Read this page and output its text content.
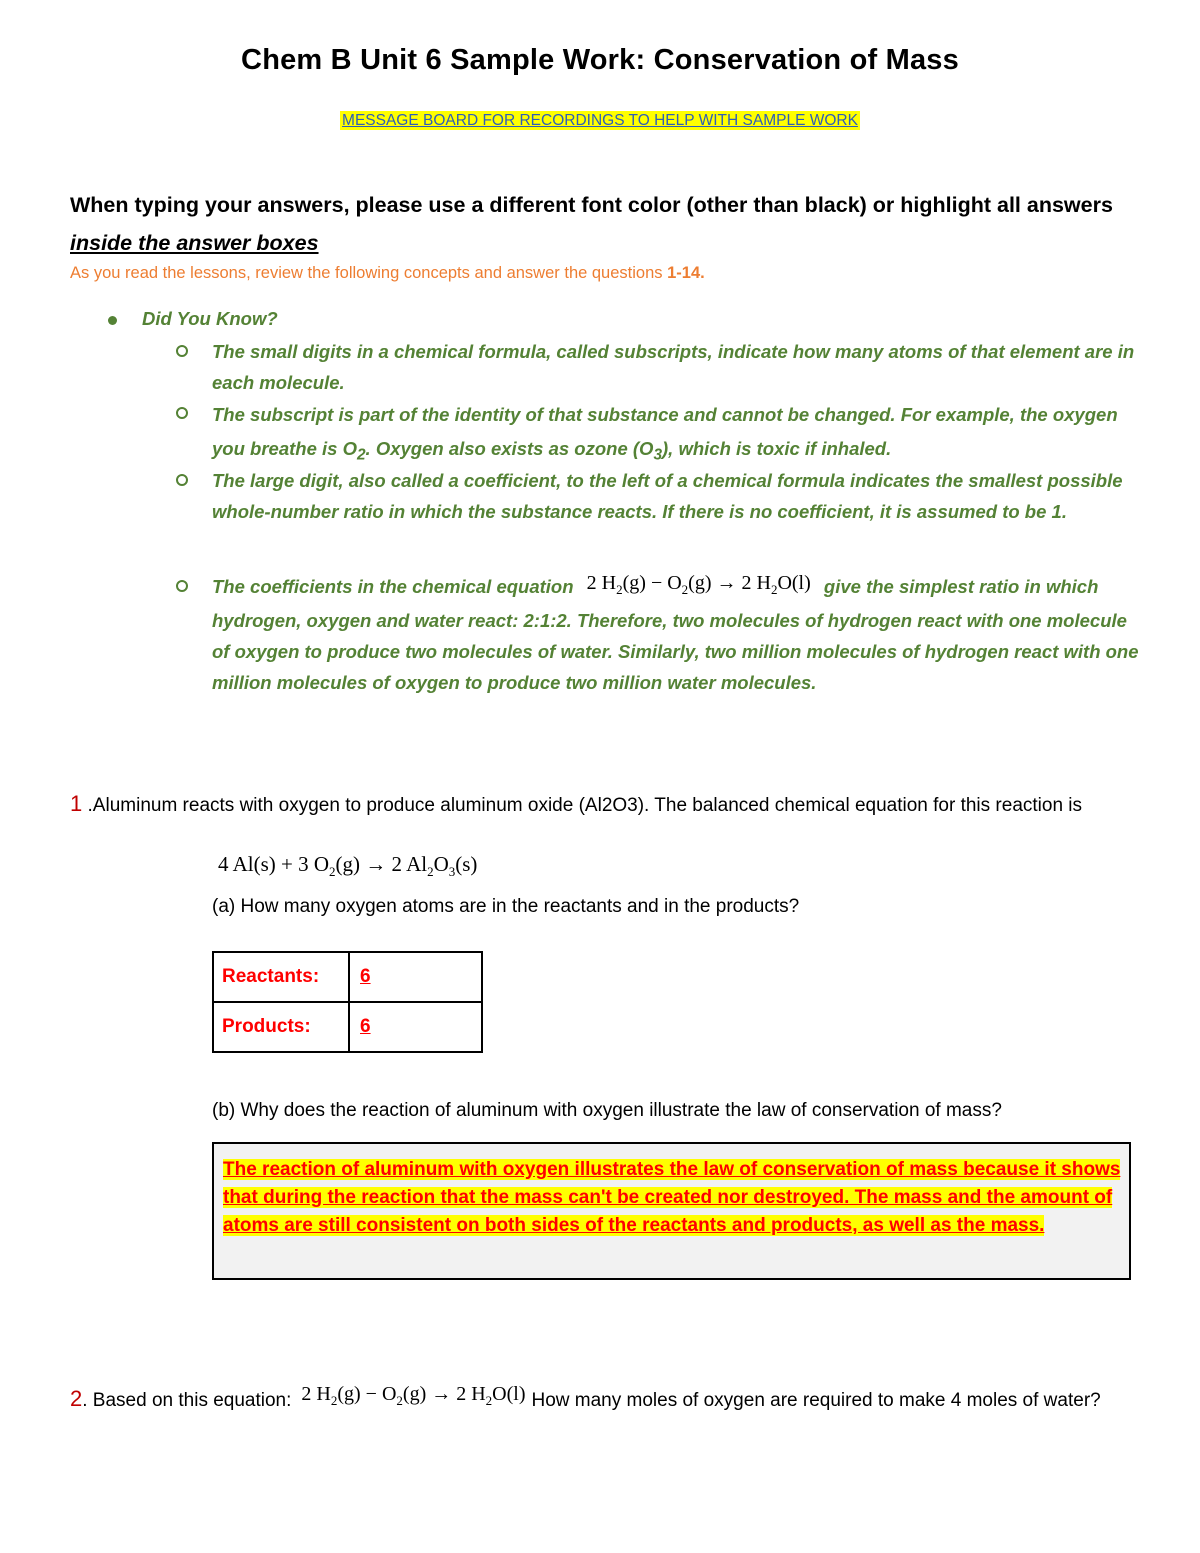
Chem B Unit 6 Sample Work: Conservation of Mass
MESSAGE BOARD FOR RECORDINGS TO HELP WITH SAMPLE WORK
When typing your answers, please use a different font color (other than black) or highlight all answers inside the answer boxes
As you read the lessons, review the following concepts and answer the questions 1-14.
Did You Know?
The small digits in a chemical formula, called subscripts, indicate how many atoms of that element are in each molecule.
The subscript is part of the identity of that substance and cannot be changed. For example, the oxygen you breathe is $O_2$. Oxygen also exists as ozone $(O_3)$, which is toxic if inhaled.
The large digit, also called a coefficient, to the left of a chemical formula indicates the smallest possible whole-number ratio in which the substance reacts. If there is no coefficient, it is assumed to be 1.
The coefficients in the chemical equation 2 $H_2(g) - O_2(g) \to 2$ $H_2O(l)$ give the simplest ratio in which hydrogen, oxygen and water react: 2:1:2. Therefore, two molecules of hydrogen react with one molecule of oxygen to produce two molecules of water. Similarly, two million molecules of hydrogen react with one million molecules of oxygen to produce two million water molecules.
1 .Aluminum reacts with oxygen to produce aluminum oxide (Al2O3). The balanced chemical equation for this reaction is
4 Al(s) + 3 $O_2(g) \to 2$ $Al_2O_3(s)$
(a) How many oxygen atoms are in the reactants and in the products?
Reactants:	6
Products:	6
(b) Why does the reaction of aluminum with oxygen illustrate the law of conservation of mass?
The reaction of aluminum with oxygen illustrates the law of conservation of mass because it shows that during the reaction that the mass can't be created nor destroyed. The mass and the amount of atoms are still consistent on both sides of the reactants and products, as well as the mass.
2. Based on this equation: 2 $H_2(g) - O_2(g) \to 2$ $H_2O(l)$ How many moles of oxygen are required to make 4 moles of water?
